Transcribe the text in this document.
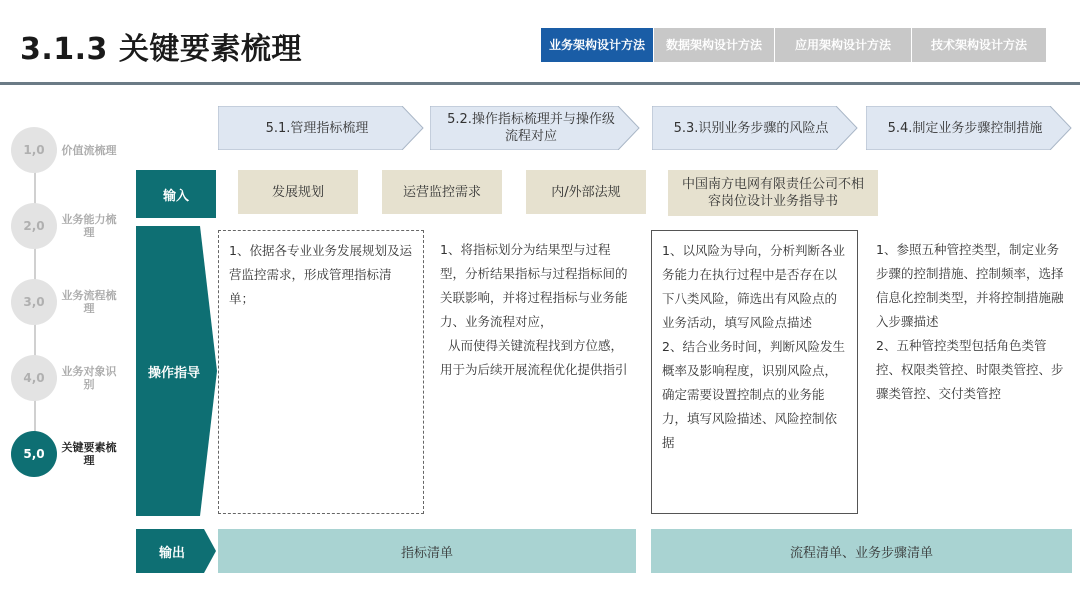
3.1.3 关键要素梳理	业务架构设计方法	数据架构设计方法	应用架构设计方法	技术架构设计方法
1,0	价值流梳理
2,0	业务能力梳理
3,0	业务流程梳理
4,0	业务对象识别
5,0	关键要素梳理
5.1.管理指标梳理
5.2.操作指标梳理并与操作级流程对应
5.3.识别业务步骤的风险点	5.4.制定业务步骤控制措施
输入
操作指导
输出
发展规划	运营监控需求	内/外部法规	中国南方电网有限责任公司不相容岗位设计业务指导书

1、依据各专业业务发展规划及运营监控需求，形成管理指标清单；

1、将指标划分为结果型与过程型，分析结果指标与过程指标间的关联影响，并将过程指标与业务能力、业务流程对应，

从而使得关键流程找到方位感，用于为后续开展流程优化提供指引

1、以风险为导向，分析判断各业务能力在执行过程中是否存在以下八类风险，筛选出有风险点的业务活动，填写风险点描述

2、结合业务时间，判断风险发生概率及影响程度，识别风险点，确定需要设置控制点的业务能力，填写风险描述、风险控制依据

1、参照五种管控类型，制定业务步骤的控制措施、控制频率，选择信息化控制类型，并将控制措施融入步骤描述

2、五种管控类型包括角色类管控、权限类管控、时限类管控、步骤类管控、交付类管控

指标清单	流程清单、业务步骤清单
